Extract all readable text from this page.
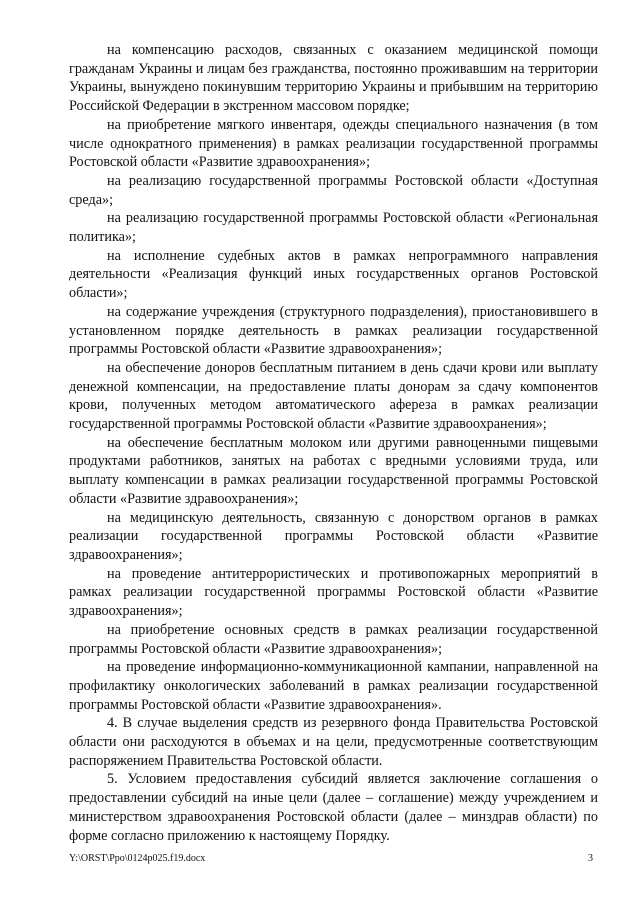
на компенсацию расходов, связанных с оказанием медицинской помощи гражданам Украины и лицам без гражданства, постоянно проживавшим на территории Украины, вынуждено покинувшим территорию Украины и прибывшим на территорию Российской Федерации в экстренном массовом порядке;

на приобретение мягкого инвентаря, одежды специального назначения (в том числе однократного применения) в рамках реализации государственной программы Ростовской области «Развитие здравоохранения»;

на реализацию государственной программы Ростовской области «Доступная среда»;

на реализацию государственной программы Ростовской области «Региональная политика»;

на исполнение судебных актов в рамках непрограммного направления деятельности «Реализация функций иных государственных органов Ростовской области»;

на содержание учреждения (структурного подразделения), приостановившего в установленном порядке деятельность в рамках реализации государственной программы Ростовской области «Развитие здравоохранения»;

на обеспечение доноров бесплатным питанием в день сдачи крови или выплату денежной компенсации, на предоставление платы донорам за сдачу компонентов крови, полученных методом автоматического афереза в рамках реализации государственной программы Ростовской области «Развитие здравоохранения»;

на обеспечение бесплатным молоком или другими равноценными пищевыми продуктами работников, занятых на работах с вредными условиями труда, или выплату компенсации в рамках реализации государственной программы Ростовской области «Развитие здравоохранения»;

на медицинскую деятельность, связанную с донорством органов в рамках реализации государственной программы Ростовской области «Развитие здравоохранения»;

на проведение антитеррористических и противопожарных мероприятий в рамках реализации государственной программы Ростовской области «Развитие здравоохранения»;

на приобретение основных средств в рамках реализации государственной программы Ростовской области «Развитие здравоохранения»;

на проведение информационно-коммуникационной кампании, направленной на профилактику онкологических заболеваний в рамках реализации государственной программы Ростовской области «Развитие здравоохранения».

4. В случае выделения средств из резервного фонда Правительства Ростовской области они расходуются в объемах и на цели, предусмотренные соответствующим распоряжением Правительства Ростовской области.

5. Условием предоставления субсидий является заключение соглашения о предоставлении субсидий на иные цели (далее – соглашение) между учреждением и министерством здравоохранения Ростовской области (далее – минздрав области) по форме согласно приложению к настоящему Порядку.

Y:\ORST\Ppo\0124p025.f19.docx	3
